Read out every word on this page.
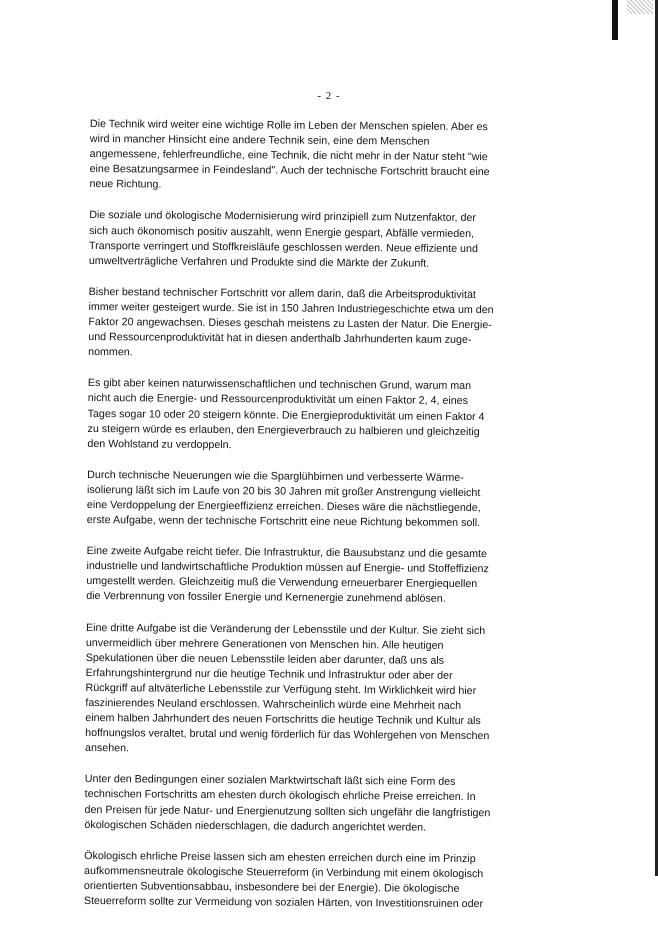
- 2 -

Die Technik wird weiter eine wichtige Rolle im Leben der Menschen spielen. Aber es
wird in mancher Hinsicht eine andere Technik sein, eine dem Menschen
angemessene, fehlerfreundliche, eine Technik, die nicht mehr in der Natur steht "wie
eine Besatzungsarmee in Feindesland". Auch der technische Fortschritt braucht eine
neue Richtung.

Die soziale und ökologische Modernisierung wird prinzipiell zum Nutzenfaktor, der
sich auch ökonomisch positiv auszahlt, wenn Energie gespart, Abfälle vermieden,
Transporte verringert und Stoffkreisläufe geschlossen werden. Neue effiziente und
umweltverträgliche Verfahren und Produkte sind die Märkte der Zukunft.

Bisher bestand technischer Fortschritt vor allem darin, daß die Arbeitsproduktivität
immer weiter gesteigert wurde. Sie ist in 150 Jahren Industriegeschichte etwa um den
Faktor 20 angewachsen. Dieses geschah meistens zu Lasten der Natur. Die Energie-
und Ressourcenproduktivität hat in diesen anderthalb Jahrhunderten kaum zuge-
nommen.

Es gibt aber keinen naturwissenschaftlichen und technischen Grund, warum man
nicht auch die Energie- und Ressourcenproduktivität um einen Faktor 2, 4, eines
Tages sogar 10 oder 20 steigern könnte. Die Energieproduktivität um einen Faktor 4
zu steigern würde es erlauben, den Energieverbrauch zu halbieren und gleichzeitig
den Wohlstand zu verdoppeln.

Durch technische Neuerungen wie die Sparglühbirnen und verbesserte Wärme-
isolierung läßt sich im Laufe von 20 bis 30 Jahren mit großer Anstrengung vielleicht
eine Verdoppelung der Energieeffizienz erreichen. Dieses wäre die nächstliegende,
erste Aufgabe, wenn der technische Fortschritt eine neue Richtung bekommen soll.

Eine zweite Aufgabe reicht tiefer. Die Infrastruktur, die Bausubstanz und die gesamte
industrielle und landwirtschaftliche Produktion müssen auf Energie- und Stoffeffizienz
umgestellt werden. Gleichzeitig muß die Verwendung erneuerbarer Energiequellen
die Verbrennung von fossiler Energie und Kernenergie zunehmend ablösen.

Eine dritte Aufgabe ist die Veränderung der Lebensstile und der Kultur. Sie zieht sich
unvermeidlich über mehrere Generationen von Menschen hin. Alle heutigen
Spekulationen über die neuen Lebensstile leiden aber darunter, daß uns als
Erfahrungshintergrund nur die heutige Technik und Infrastruktur oder aber der
Rückgriff auf altväterliche Lebensstile zur Verfügung steht. Im Wirklichkeit wird hier
faszinierendes Neuland erschlossen. Wahrscheinlich würde eine Mehrheit nach
einem halben Jahrhundert des neuen Fortschritts die heutige Technik und Kultur als
hoffnungslos veraltet, brutal und wenig förderlich für das Wohlergehen von Menschen
ansehen.

Unter den Bedingungen einer sozialen Marktwirtschaft läßt sich eine Form des
technischen Fortschritts am ehesten durch ökologisch ehrliche Preise erreichen. In
den Preisen für jede Natur- und Energienutzung sollten sich ungefähr die langfristigen
ökologischen Schäden niederschlagen, die dadurch angerichtet werden.

Ökologisch ehrliche Preise lassen sich am ehesten erreichen durch eine im Prinzip
aufkommensneutrale ökologische Steuerreform (in Verbindung mit einem ökologisch
orientierten Subventionsabbau, insbesondere bei der Energie). Die ökologische
Steuerreform sollte zur Vermeidung von sozialen Härten, von Investitionsruinen oder
